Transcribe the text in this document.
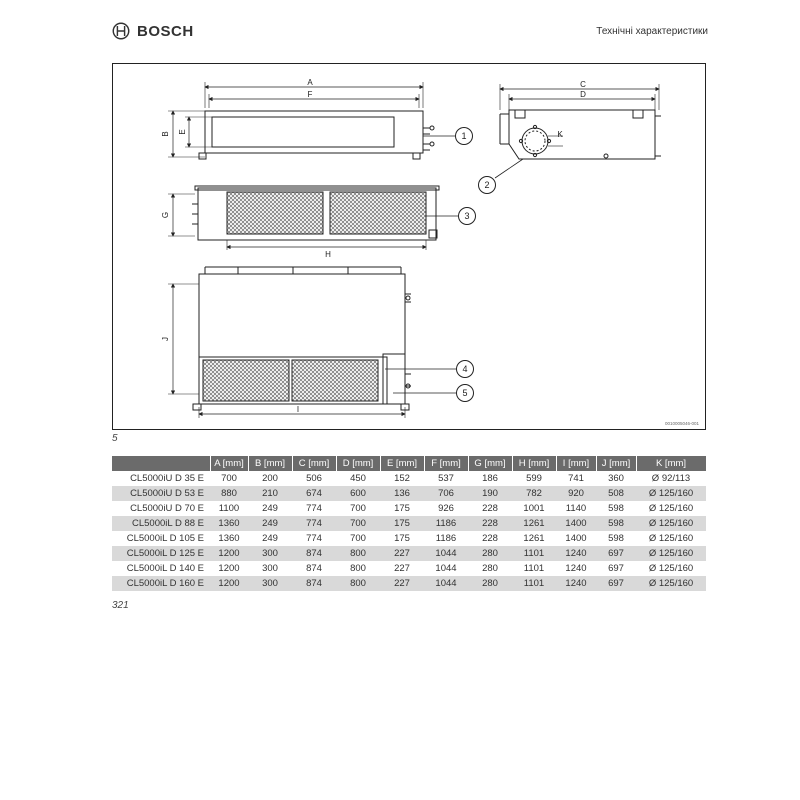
BOSCH	Технічні характеристики
A
F
B E
C
D
K
G
H
J
I
1
2
3
4
5
0010005046-001
5
	A [mm]	B [mm]	C [mm]	D [mm]	E [mm]	F [mm]	G [mm]	H [mm]	I [mm]	J [mm]	K [mm]
CL5000iU D 35 E	700	200	506	450	152	537	186	599	741	360	Ø 92/113
CL5000iU D 53 E	880	210	674	600	136	706	190	782	920	508	Ø 125/160
CL5000iU D 70 E	1100	249	774	700	175	926	228	1001	1140	598	Ø 125/160
CL5000iL D 88 E	1360	249	774	700	175	1186	228	1261	1400	598	Ø 125/160
CL5000iL D 105 E	1360	249	774	700	175	1186	228	1261	1400	598	Ø 125/160
CL5000iL D 125 E	1200	300	874	800	227	1044	280	1101	1240	697	Ø 125/160
CL5000iL D 140 E	1200	300	874	800	227	1044	280	1101	1240	697	Ø 125/160
CL5000iL D 160 E	1200	300	874	800	227	1044	280	1101	1240	697	Ø 125/160
321
